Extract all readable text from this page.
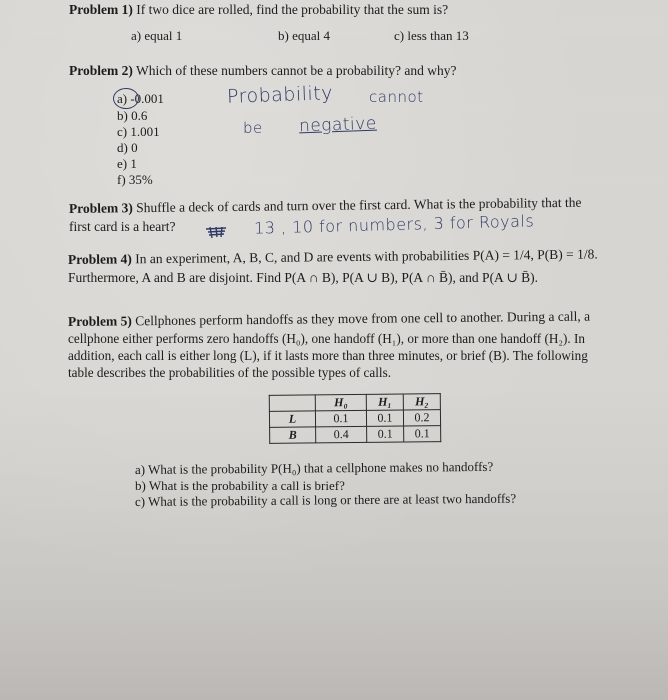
Problem 1) If two dice are rolled, find the probability that the sum is?
a) equal 1	b) equal 4	c) less than 13
Problem 2) Which of these numbers cannot be a probability? and why?
a) -0.001
b) 0.6
c) 1.001
d) 0
e) 1
f) 35%
Probability cannot
be negative
Problem 3) Shuffle a deck of cards and turn over the first card. What is the probability that the
first card is a heart?	13 , 10 for numbers, 3 for Royals
Problem 4) In an experiment, A, B, C, and D are events with probabilities P(A) = 1/4, P(B) = 1/8.
Furthermore, A and B are disjoint. Find P(A ∩ B), P(A ∪ B), P(A ∩ B̄), and P(A ∪ B̄).
Problem 5) Cellphones perform handoffs as they move from one cell to another. During a call, a
cellphone either performs zero handoffs (H₀), one handoff (H₁), or more than one handoff (H₂). In
addition, each call is either long (L), if it lasts more than three minutes, or brief (B). The following
table describes the probabilities of the possible types of calls.
	H₀	H₁	H₂
L	0.1	0.1	0.2
B	0.4	0.1	0.1
a) What is the probability P(H₀) that a cellphone makes no handoffs?
b) What is the probability a call is brief?
c) What is the probability a call is long or there are at least two handoffs?
